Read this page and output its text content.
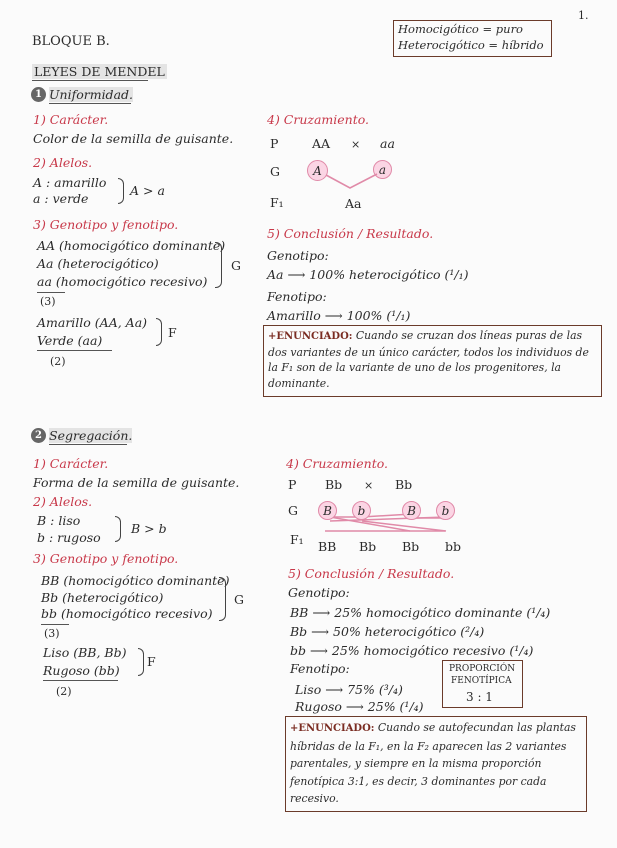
1.
BLOQUE B.
Homocigótico = puro
Heterocigótico = híbrido
LEYES DE MENDEL
1 Uniformidad.
1) Carácter.
Color de la semilla de guisante.
2) Alelos.
A : amarillo
a : verde
A > a
3) Genotipo y fenotipo.
AA (homocigótico dominante)
Aa (heterocigótico)
aa (homocigótico recesivo)
G
(3)
Amarillo (AA, Aa)
Verde (aa)
F
(2)
4) Cruzamiento.
P	AA × aa
G	A	a
F₁	Aa
5) Conclusión / Resultado.
Genotipo:
Aa ⟶ 100% heterocigótico (¹/₁)
Fenotipo:
Amarillo ⟶ 100% (¹/₁)
+ENUNCIADO: Cuando se cruzan dos líneas puras de las dos variantes de un único carácter, todos los individuos de la F₁ son de la variante de uno de los progenitores, la dominante.
2 Segregación.
1) Carácter.
Forma de la semilla de guisante.
2) Alelos.
B : liso
b : rugoso
B > b
3) Genotipo y fenotipo.
BB (homocigótico dominante)
Bb (heterocigótico)
bb (homocigótico recesivo)
G
(3)
Liso (BB, Bb)
Rugoso (bb)
F
(2)
4) Cruzamiento.
P Bb × Bb
G	B	b	B	b
F₁ BB Bb Bb bb
5) Conclusión / Resultado.
Genotipo:
BB ⟶ 25% homocigótico dominante (¹/₄)
Bb ⟶ 50% heterocigótico (²/₄)
bb ⟶ 25% homocigótico recesivo (¹/₄)
Fenotipo:
Liso ⟶ 75% (³/₄)
Rugoso ⟶ 25% (¹/₄)
PROPORCIÓN
FENOTÍPICA
3 : 1
+ENUNCIADO: Cuando se autofecundan las plantas híbridas de la F₁, en la F₂ aparecen las 2 variantes parentales, y siempre en la misma proporción fenotípica 3:1, es decir, 3 dominantes por cada recesivo.
